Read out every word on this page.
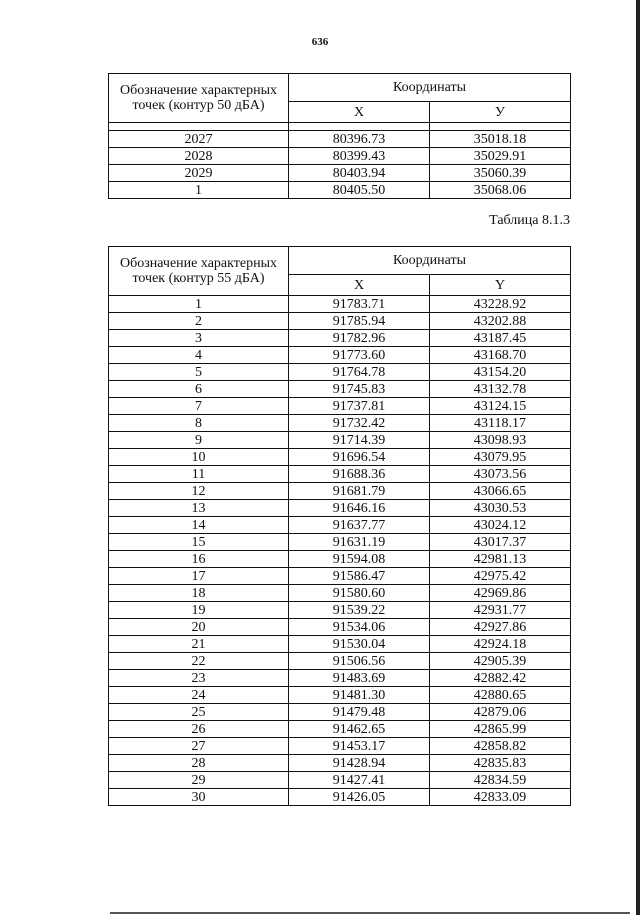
636
Обозначение характерных точек (контур 50 дБА)	Координаты	
	X	У

2027	80396.73	35018.18
2028	80399.43	35029.91
2029	80403.94	35060.39
1	80405.50	35068.06
Таблица 8.1.3
Обозначение характерных точек (контур 55 дБА)	Координаты	
	X	Y
1	91783.71	43228.92
2	91785.94	43202.88
3	91782.96	43187.45
4	91773.60	43168.70
5	91764.78	43154.20
6	91745.83	43132.78
7	91737.81	43124.15
8	91732.42	43118.17
9	91714.39	43098.93
10	91696.54	43079.95
11	91688.36	43073.56
12	91681.79	43066.65
13	91646.16	43030.53
14	91637.77	43024.12
15	91631.19	43017.37
16	91594.08	42981.13
17	91586.47	42975.42
18	91580.60	42969.86
19	91539.22	42931.77
20	91534.06	42927.86
21	91530.04	42924.18
22	91506.56	42905.39
23	91483.69	42882.42
24	91481.30	42880.65
25	91479.48	42879.06
26	91462.65	42865.99
27	91453.17	42858.82
28	91428.94	42835.83
29	91427.41	42834.59
30	91426.05	42833.09
